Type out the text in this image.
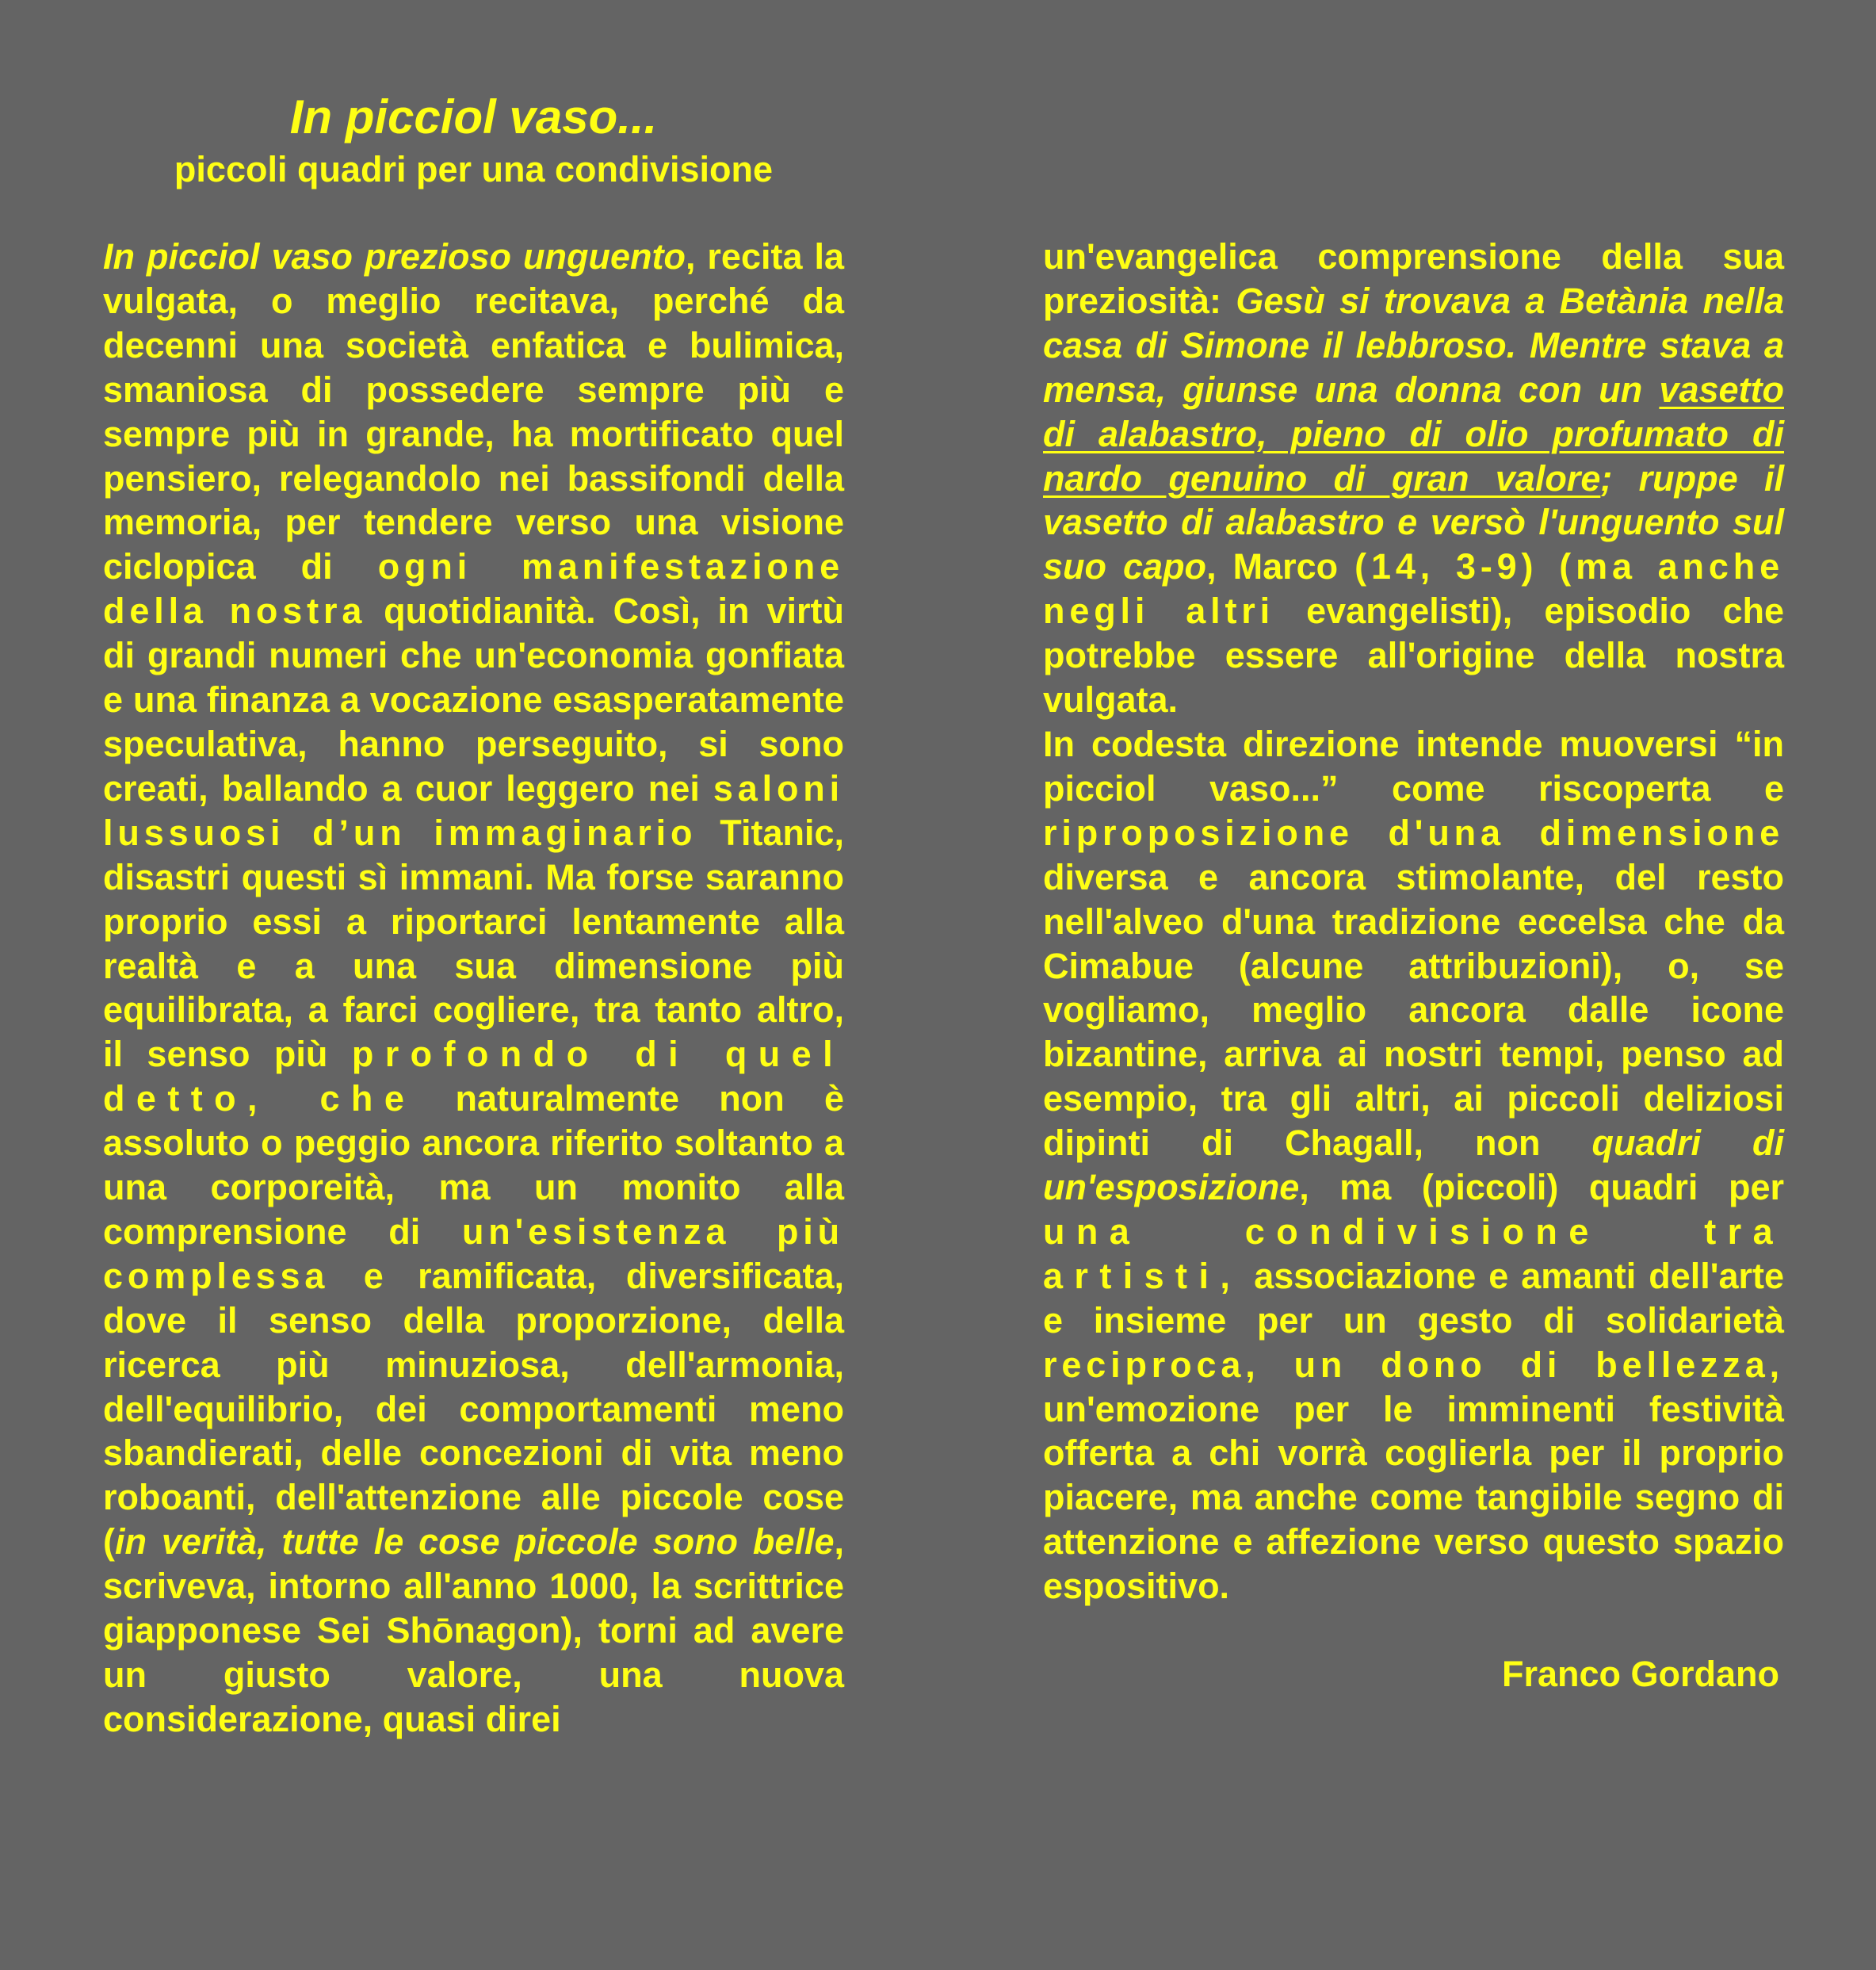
In picciol vaso...
piccoli quadri per una condivisione

In picciol vaso prezioso unguento, recita la vulgata, o meglio recitava, perché da decenni una società enfatica e bulimica, smaniosa di possedere sempre più e sempre più in grande, ha mortificato quel pensiero, relegandolo nei bassifondi della memoria, per tendere verso una visione ciclopica di ogni manifestazione della nostra quotidianità. Così, in virtù di grandi numeri che un'economia gonfiata e una finanza a vocazione esasperatamente speculativa, hanno perseguito, si sono creati, ballando a cuor leggero nei saloni lussuosi d’un immaginario Titanic, disastri questi sì immani. Ma forse saranno proprio essi a riportarci lentamente alla realtà e a una sua dimensione più equilibrata, a farci cogliere, tra tanto altro, il senso più profondo di quel detto, che naturalmente non è assoluto o peggio ancora riferito soltanto a una corporeità, ma un monito alla comprensione di un'esistenza più complessa e ramificata, diversificata, dove il senso della proporzione, della ricerca più minuziosa, dell'armonia, dell'equilibrio, dei comportamenti meno sbandierati, delle concezioni di vita meno roboanti, dell'attenzione alle piccole cose (in verità, tutte le cose piccole sono belle, scriveva, intorno all'anno 1000, la scrittrice giapponese Sei Shōnagon), torni ad avere un giusto valore, una nuova considerazione, quasi direi

un'evangelica comprensione della sua preziosità: Gesù si trovava a Betània nella casa di Simone il lebbroso. Mentre stava a mensa, giunse una donna con un vasetto di alabastro, pieno di olio profumato di nardo genuino di gran valore; ruppe il vasetto di alabastro e versò l'unguento sul suo capo, Marco (14, 3-9) (ma anche negli altri evangelisti), episodio che potrebbe essere all'origine della nostra vulgata.

In codesta direzione intende muoversi “in picciol vaso...” come riscoperta e riproposizione d'una dimensione diversa e ancora stimolante, del resto nell'alveo d'una tradizione eccelsa che da Cimabue (alcune attribuzioni), o, se vogliamo, meglio ancora dalle icone bizantine, arriva ai nostri tempi, penso ad esempio, tra gli altri, ai piccoli deliziosi dipinti di Chagall, non quadri di un'esposizione, ma (piccoli) quadri per una condivisione tra artisti, associazione e amanti dell'arte e insieme per un gesto di solidarietà reciproca, un dono di bellezza, un'emozione per le imminenti festività offerta a chi vorrà coglierla per il proprio piacere, ma anche come tangibile segno di attenzione e affezione verso questo spazio espositivo.

Franco Gordano
